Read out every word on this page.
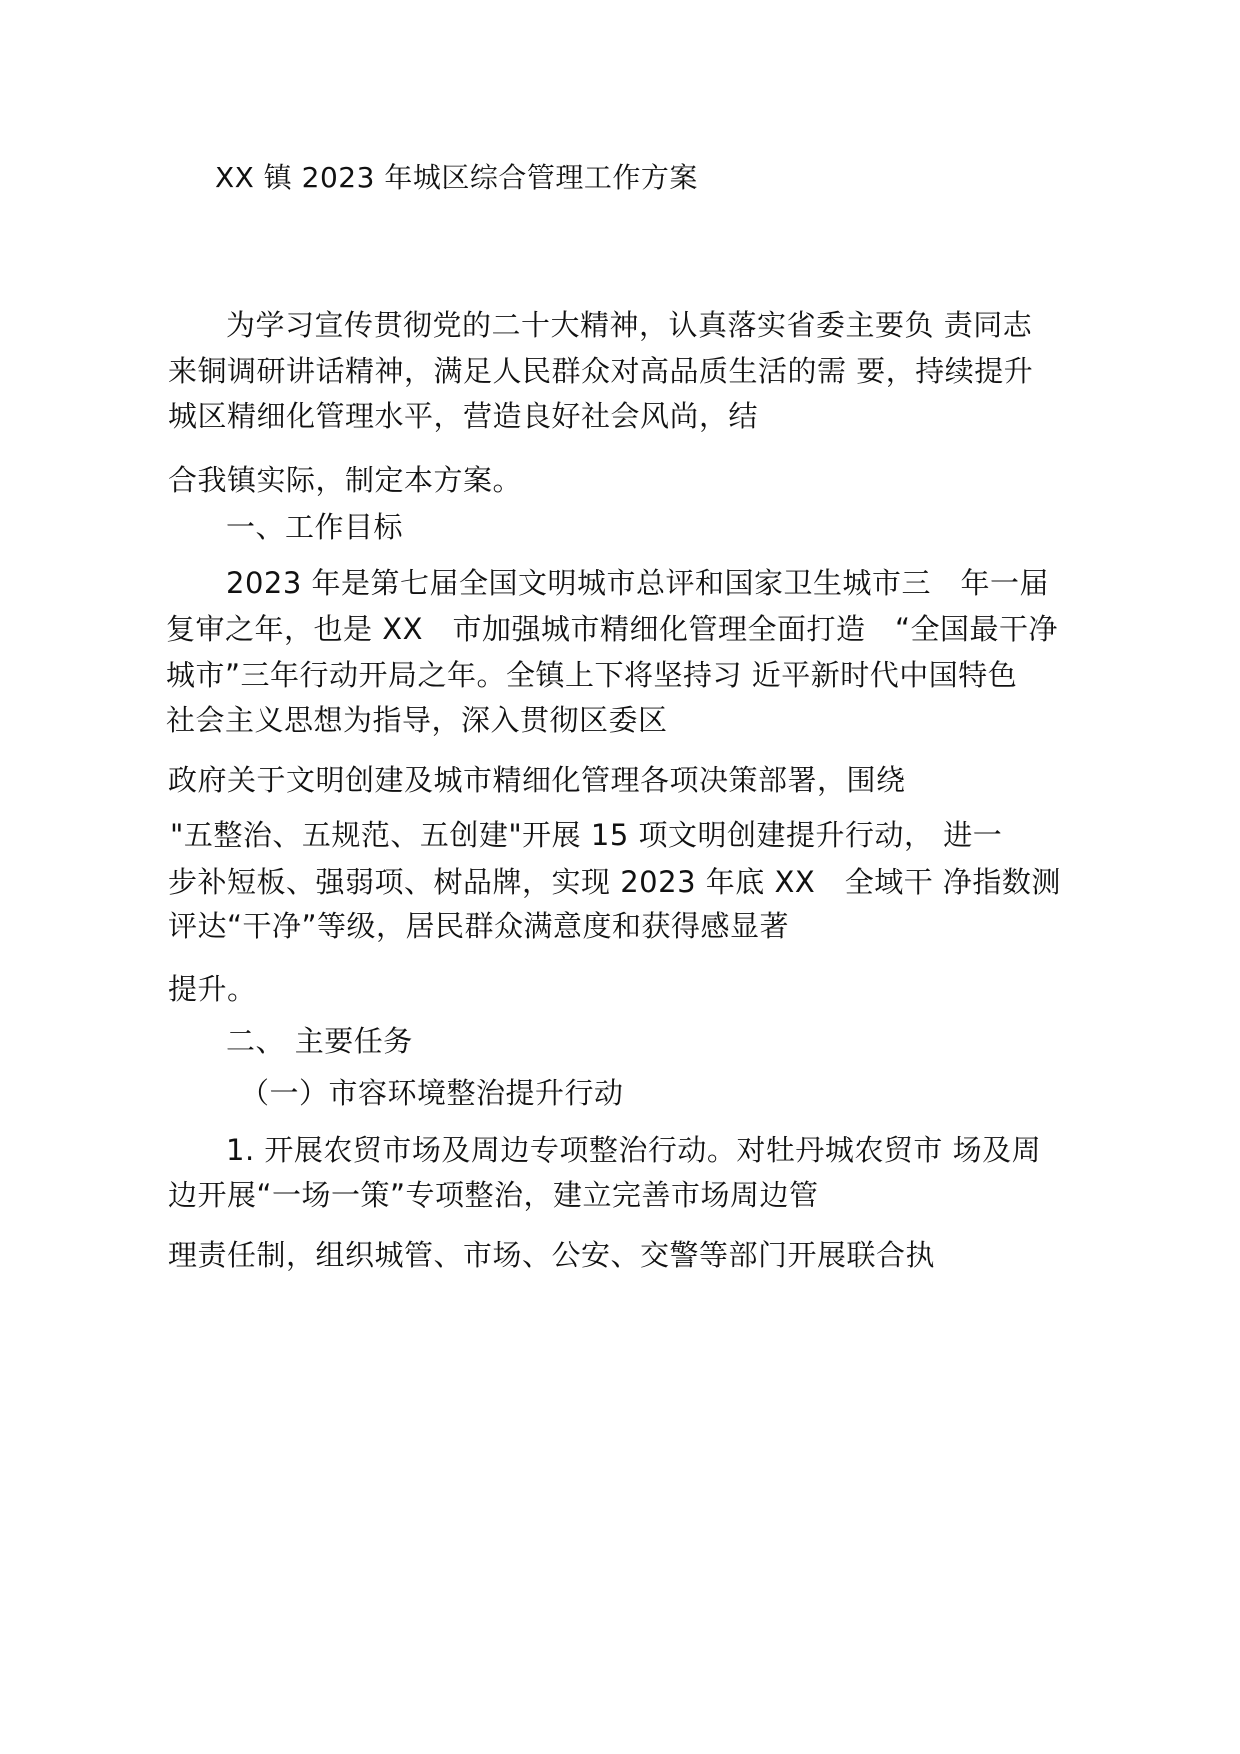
XX 镇 2023 年城区综合管理工作方案
为学习宣传贯彻党的二十大精神，认真落实省委主要负 责同志
来铜调研讲话精神，满足人民群众对高品质生活的需 要，持续提升
城区精细化管理水平，营造良好社会风尚，结
合我镇实际，制定本方案。
一、工作目标
2023 年是第七届全国文明城市总评和国家卫生城市三　年一届
复审之年，也是 XX　市加强城市精细化管理全面打造　“全国最干净
城市”三年行动开局之年。全镇上下将坚持习 近平新时代中国特色
社会主义思想为指导，深入贯彻区委区
政府关于文明创建及城市精细化管理各项决策部署，围绕
"五整治、五规范、五创建"开展 15 项文明创建提升行动， 进一
步补短板、强弱项、树品牌，实现 2023 年底 XX　全域干 净指数测
评达“干净”等级，居民群众满意度和获得感显著
提升。
二、 主要任务
（一）市容环境整治提升行动
1. 开展农贸市场及周边专项整治行动。对牡丹城农贸市 场及周
边开展“一场一策”专项整治，建立完善市场周边管
理责任制，组织城管、市场、公安、交警等部门开展联合执
